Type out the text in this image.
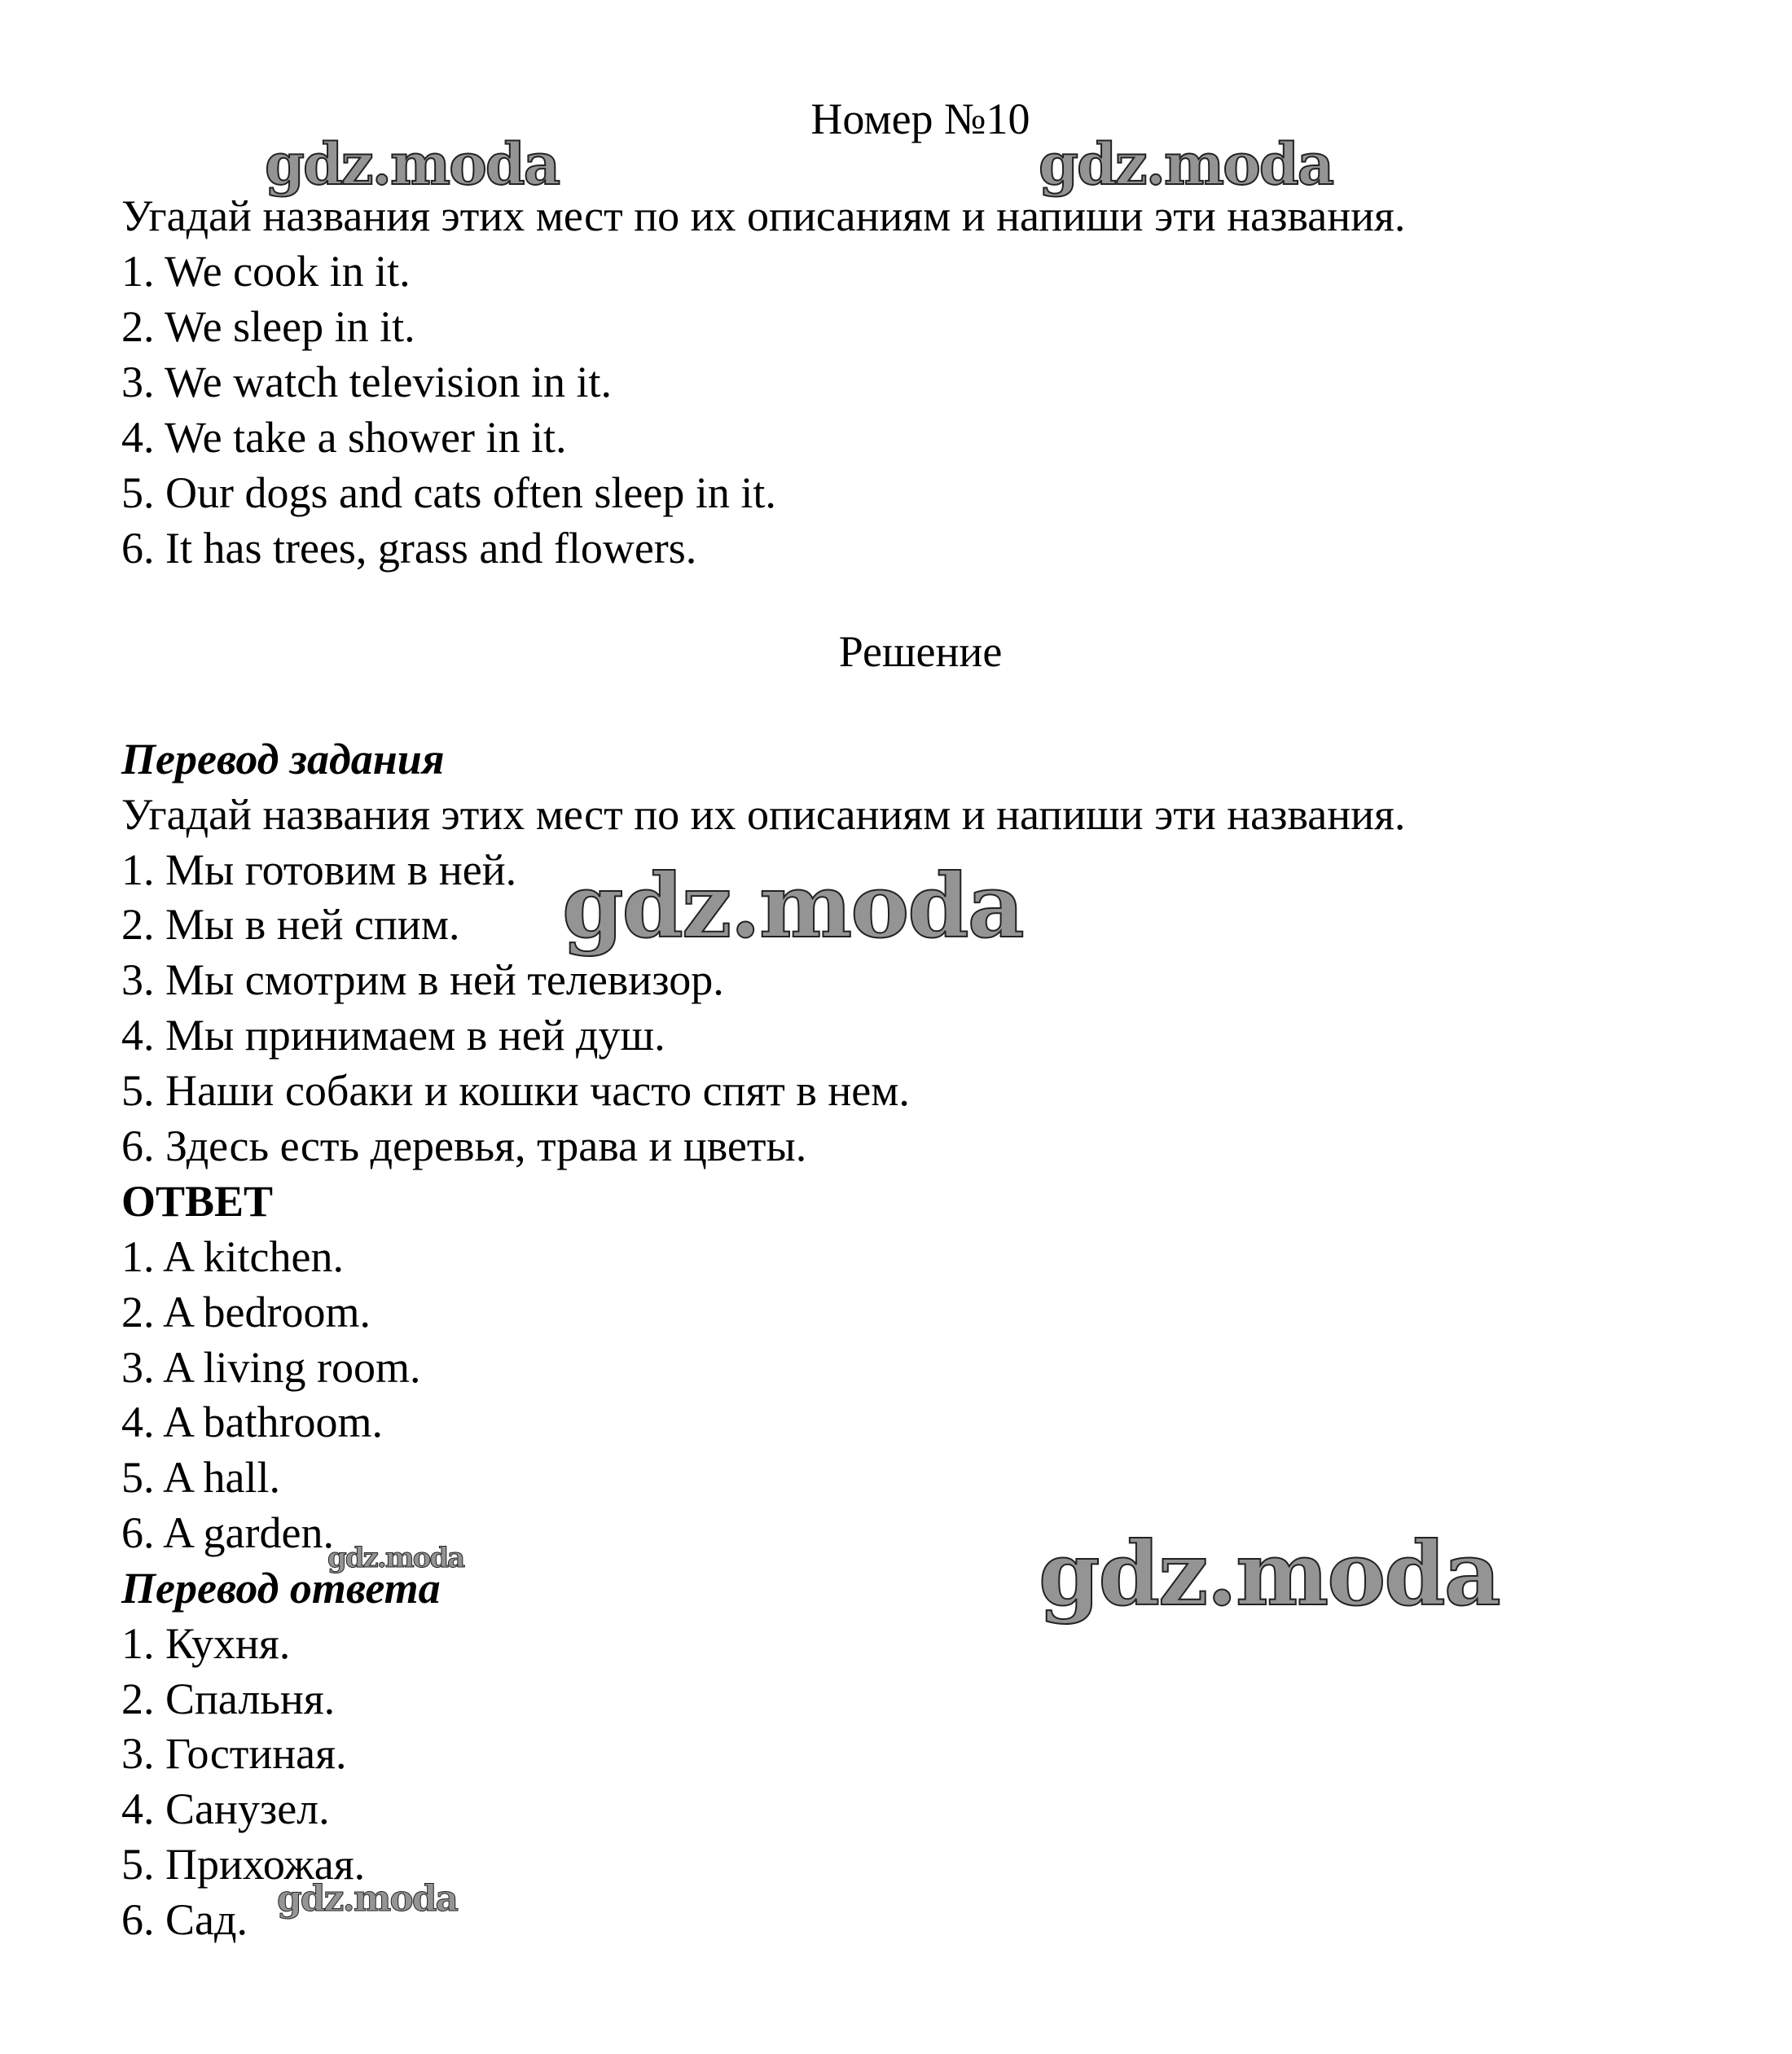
Номер №10
Угадай названия этих мест по их описаниям и напиши эти названия.
1. We cook in it.
2. We sleep in it.
3. We watch television in it.
4. We take a shower in it.
5. Our dogs and cats often sleep in it.
6. It has trees, grass and flowers.
Решение
Перевод задания
Угадай названия этих мест по их описаниям и напиши эти названия.
1. Мы готовим в ней.
2. Мы в ней спим.
3. Мы смотрим в ней телевизор.
4. Мы принимаем в ней душ.
5. Наши собаки и кошки часто спят в нем.
6. Здесь есть деревья, трава и цветы.
ОТВЕТ
1. A kitchen.
2. A bedroom.
3. A living room.
4. A bathroom.
5. A hall.
6. A garden.
Перевод ответа
1. Кухня.
2. Спальня.
3. Гостиная.
4. Санузел.
5. Прихожая.
6. Сад.
gdz.moda	gdz.moda
gdz.moda
gdz.moda
gdz.moda
gdz.moda
